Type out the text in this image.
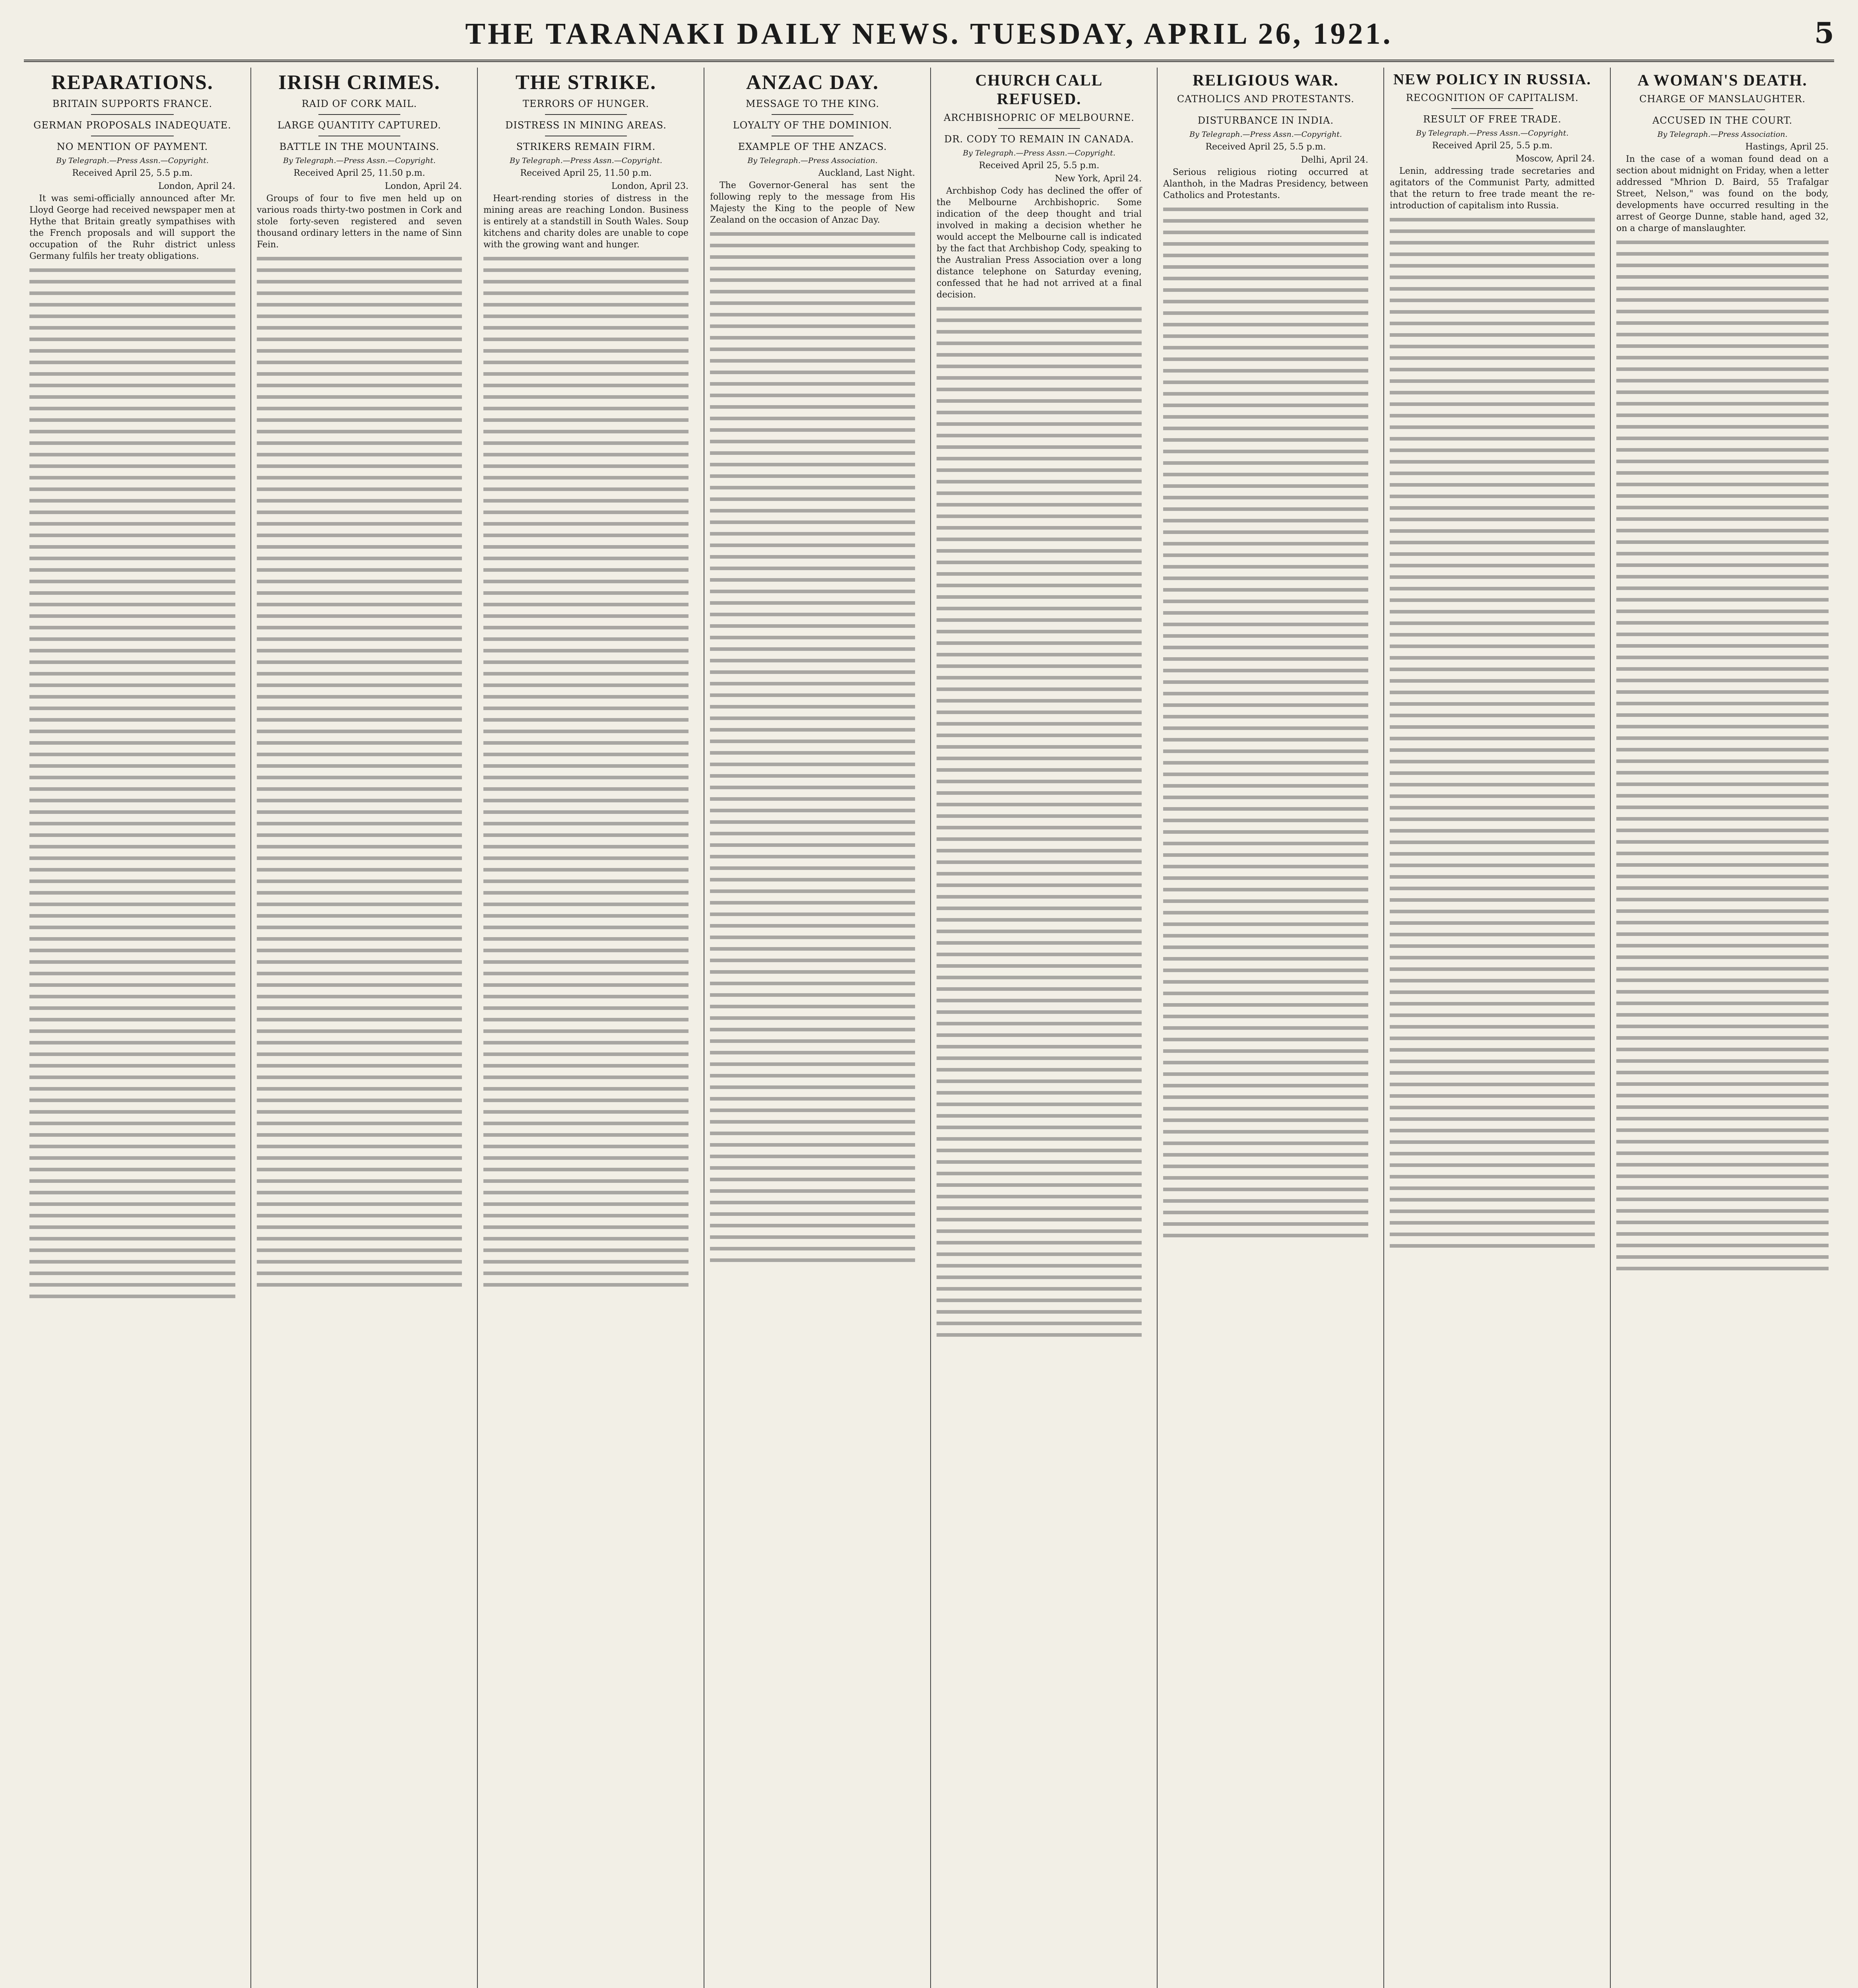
THE TARANAKI DAILY NEWS. TUESDAY, APRIL 26, 1921.	5
REPARATIONS.
BRITAIN SUPPORTS FRANCE.
GERMAN PROPOSALS INADEQUATE.
NO MENTION OF PAYMENT.
By Telegraph.—Press Assn.—Copyright.
Received April 25, 5.5 p.m.
London, April 24.
It was semi-officially announced after Mr. Lloyd George had received newspaper men at Hythe that Britain greatly sympathises with the French proposals and will support the occupation of the Ruhr district unless Germany fulfils her treaty obligations.
IRISH CRIMES.
RAID OF CORK MAIL.
LARGE QUANTITY CAPTURED.
BATTLE IN THE MOUNTAINS.
By Telegraph.—Press Assn.—Copyright.
Received April 25, 11.50 p.m.
London, April 24.
Groups of four to five men held up on various roads thirty-two postmen in Cork and stole forty-seven registered and seven thousand ordinary letters in the name of Sinn Fein.
THE STRIKE.
TERRORS OF HUNGER.
DISTRESS IN MINING AREAS.
STRIKERS REMAIN FIRM.
By Telegraph.—Press Assn.—Copyright.
Received April 25, 11.50 p.m.
London, April 23.
Heart-rending stories of distress in the mining areas are reaching London. Business is entirely at a standstill in South Wales. Soup kitchens and charity doles are unable to cope with the growing want and hunger.
ANZAC DAY.
MESSAGE TO THE KING.
LOYALTY OF THE DOMINION.
EXAMPLE OF THE ANZACS.
By Telegraph.—Press Association.
Auckland, Last Night.
The Governor-General has sent the following reply to the message from His Majesty the King to the people of New Zealand on the occasion of Anzac Day.
CHURCH CALL REFUSED.
ARCHBISHOPRIC OF MELBOURNE.
DR. CODY TO REMAIN IN CANADA.
By Telegraph.—Press Assn.—Copyright.
Received April 25, 5.5 p.m.
New York, April 24.
Archbishop Cody has declined the offer of the Melbourne Archbishopric. Some indication of the deep thought and trial involved in making a decision whether he would accept the Melbourne call is indicated by the fact that Archbishop Cody, speaking to the Australian Press Association over a long distance telephone on Saturday evening, confessed that he had not arrived at a final decision.
RELIGIOUS WAR.
CATHOLICS AND PROTESTANTS.
DISTURBANCE IN INDIA.
By Telegraph.—Press Assn.—Copyright.
Received April 25, 5.5 p.m.
Delhi, April 24.
Serious religious rioting occurred at Alanthoh, in the Madras Presidency, between Catholics and Protestants.
NEW POLICY IN RUSSIA.
RECOGNITION OF CAPITALISM.
RESULT OF FREE TRADE.
By Telegraph.—Press Assn.—Copyright.
Received April 25, 5.5 p.m.
Moscow, April 24.
Lenin, addressing trade secretaries and agitators of the Communist Party, admitted that the return to free trade meant the re-introduction of capitalism into Russia.
A WOMAN'S DEATH.
CHARGE OF MANSLAUGHTER.
ACCUSED IN THE COURT.
By Telegraph.—Press Association.
Hastings, April 25.
In the case of a woman found dead on a section about midnight on Friday, when a letter addressed "Mhrion D. Baird, 55 Trafalgar Street, Nelson," was found on the body, developments have occurred resulting in the arrest of George Dunne, stable hand, aged 32, on a charge of manslaughter.
